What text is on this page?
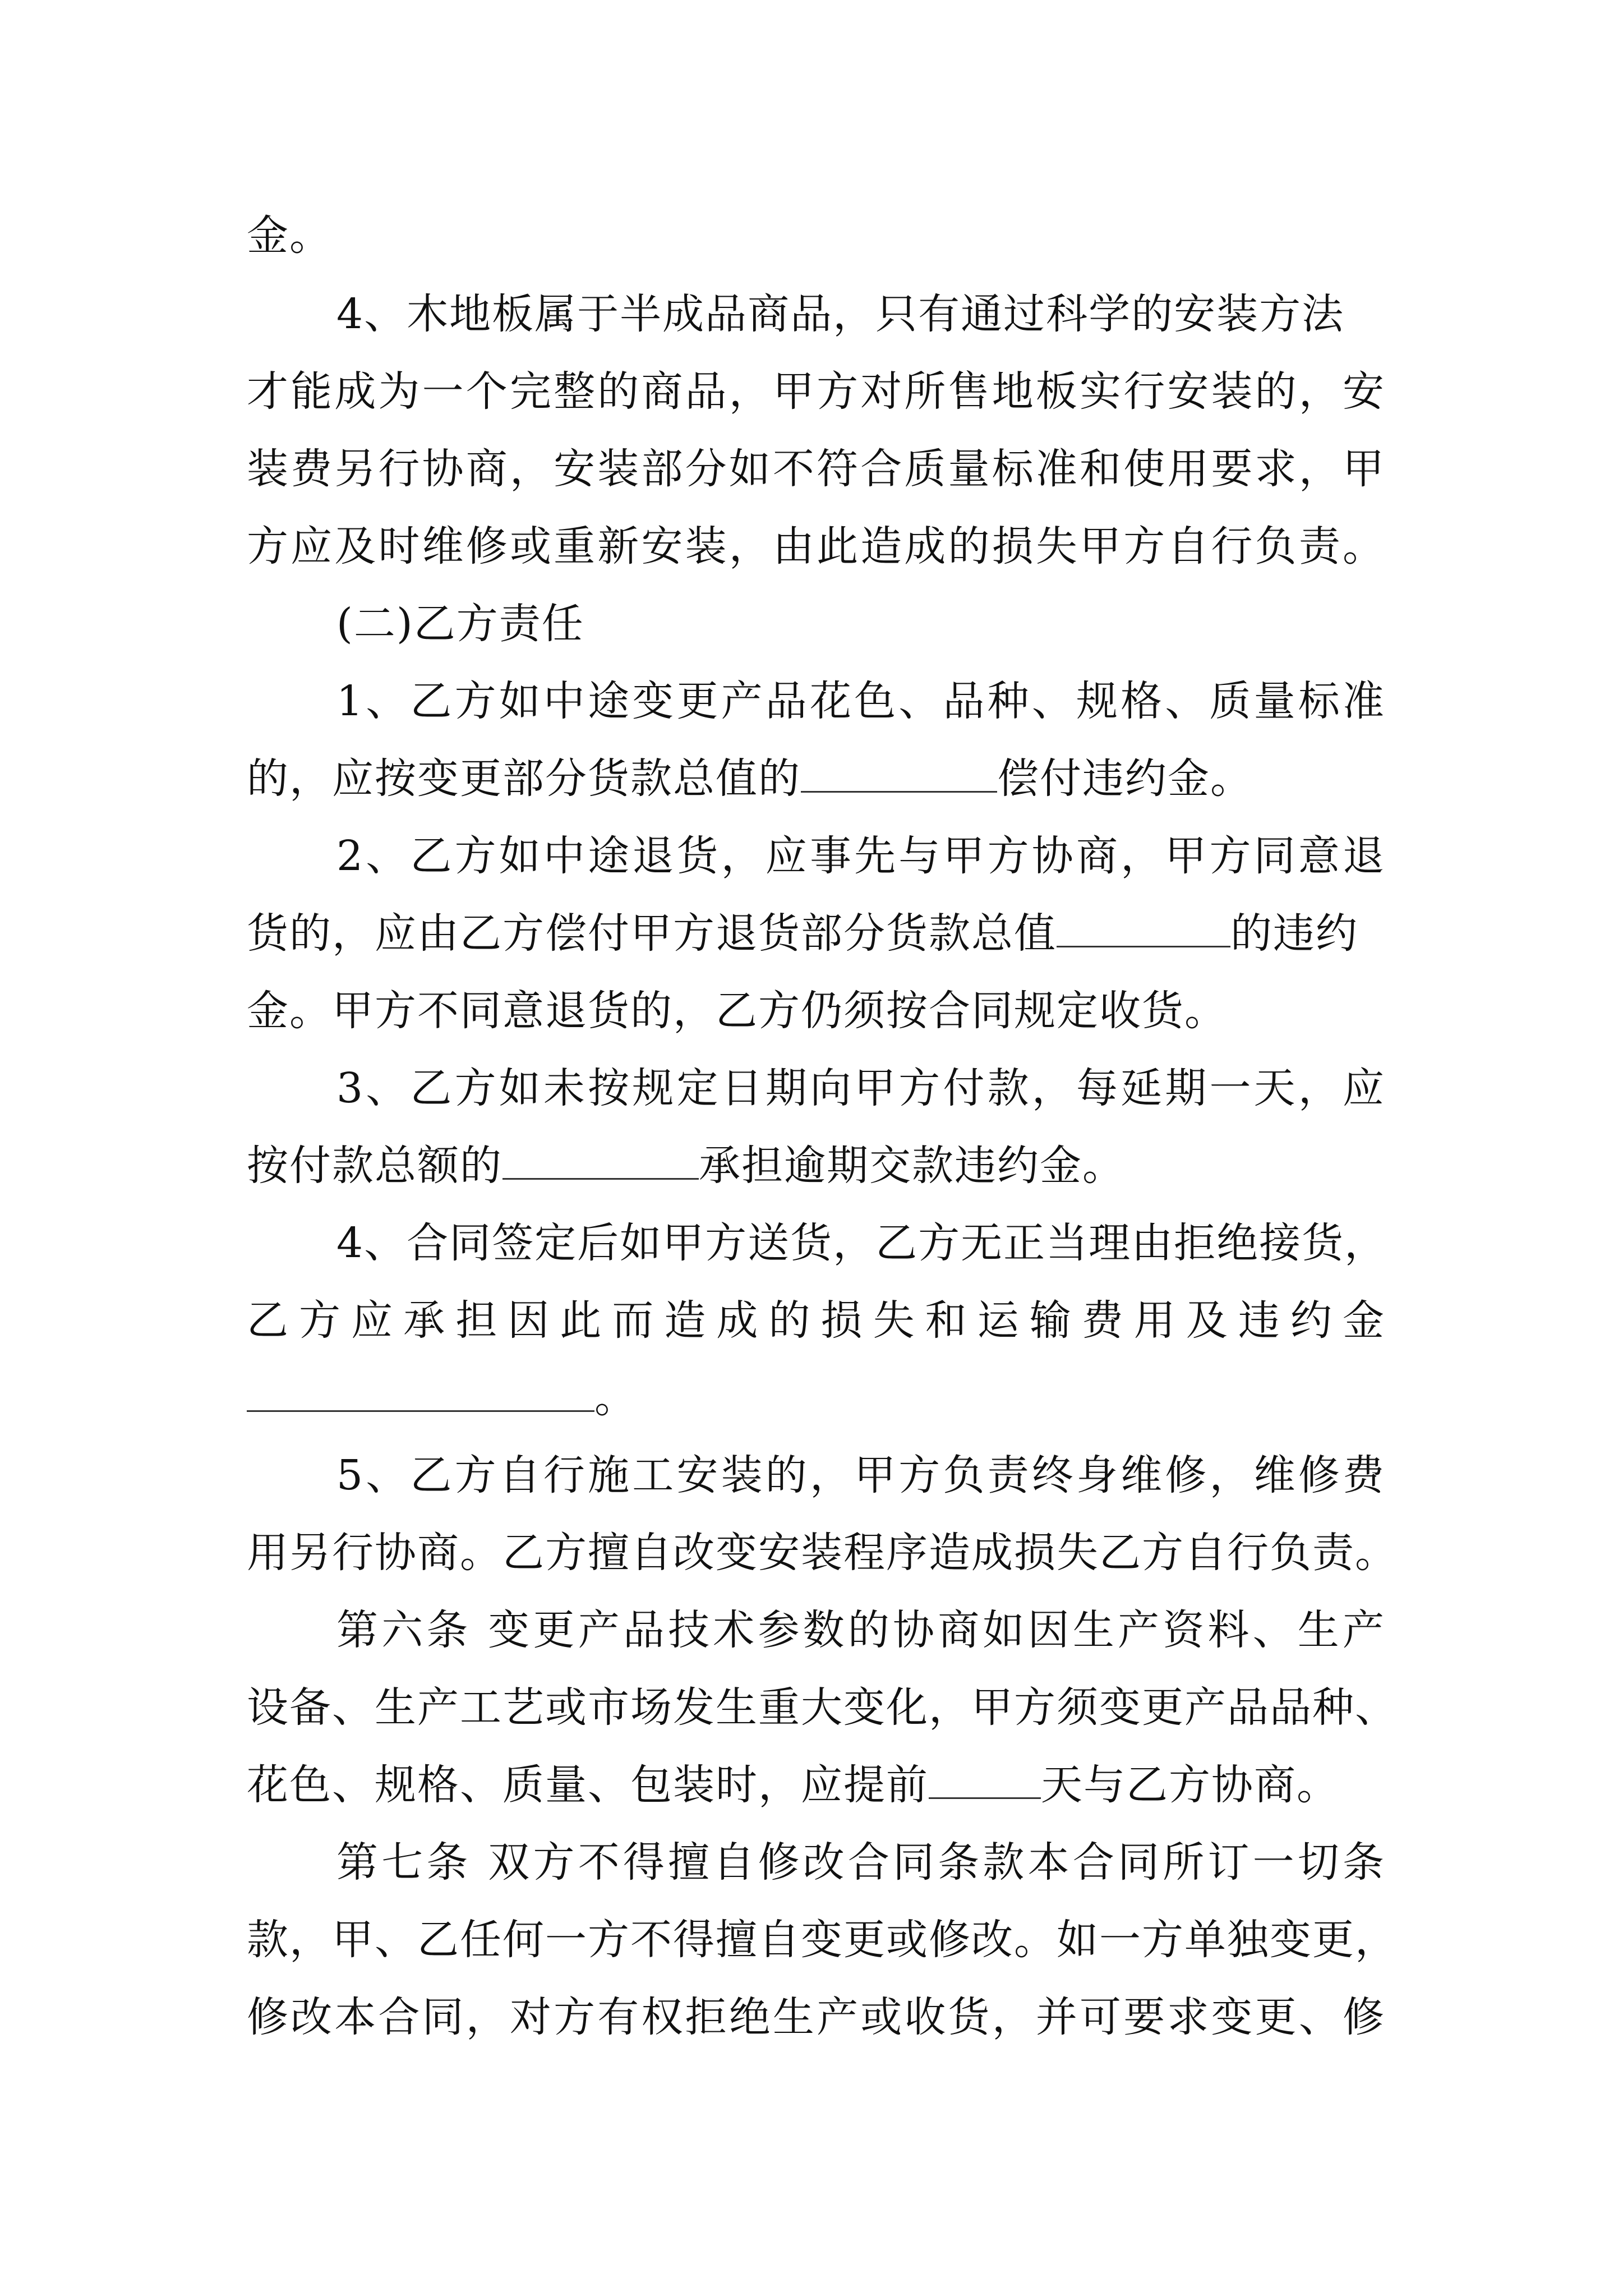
金。
4、木地板属于半成品商品，只有通过科学的安装方法
才能成为一个完整的商品，甲方对所售地板实行安装的，安
装费另行协商，安装部分如不符合质量标准和使用要求，甲
方应及时维修或重新安装，由此造成的损失甲方自行负责。
(二)乙方责任
1、乙方如中途变更产品花色、品种、规格、质量标准
的，应按变更部分货款总值的	偿付违约金。
2、乙方如中途退货，应事先与甲方协商，甲方同意退
货的，应由乙方偿付甲方退货部分货款总值	的违约
金。甲方不同意退货的，乙方仍须按合同规定收货。
3、乙方如未按规定日期向甲方付款，每延期一天，应
按付款总额的	承担逾期交款违约金。
4、合同签定后如甲方送货，乙方无正当理由拒绝接货，
乙方应承担因此而造成的损失和运输费用及违约金
。
5、乙方自行施工安装的，甲方负责终身维修，维修费
用另行协商。乙方擅自改变安装程序造成损失乙方自行负责。
第六条 变更产品技术参数的协商如因生产资料、生产
设备、生产工艺或市场发生重大变化，甲方须变更产品品种、
花色、规格、质量、包装时，应提前	天与乙方协商。
第七条 双方不得擅自修改合同条款本合同所订一切条
款，甲、乙任何一方不得擅自变更或修改。如一方单独变更，
修改本合同，对方有权拒绝生产或收货，并可要求变更、修
